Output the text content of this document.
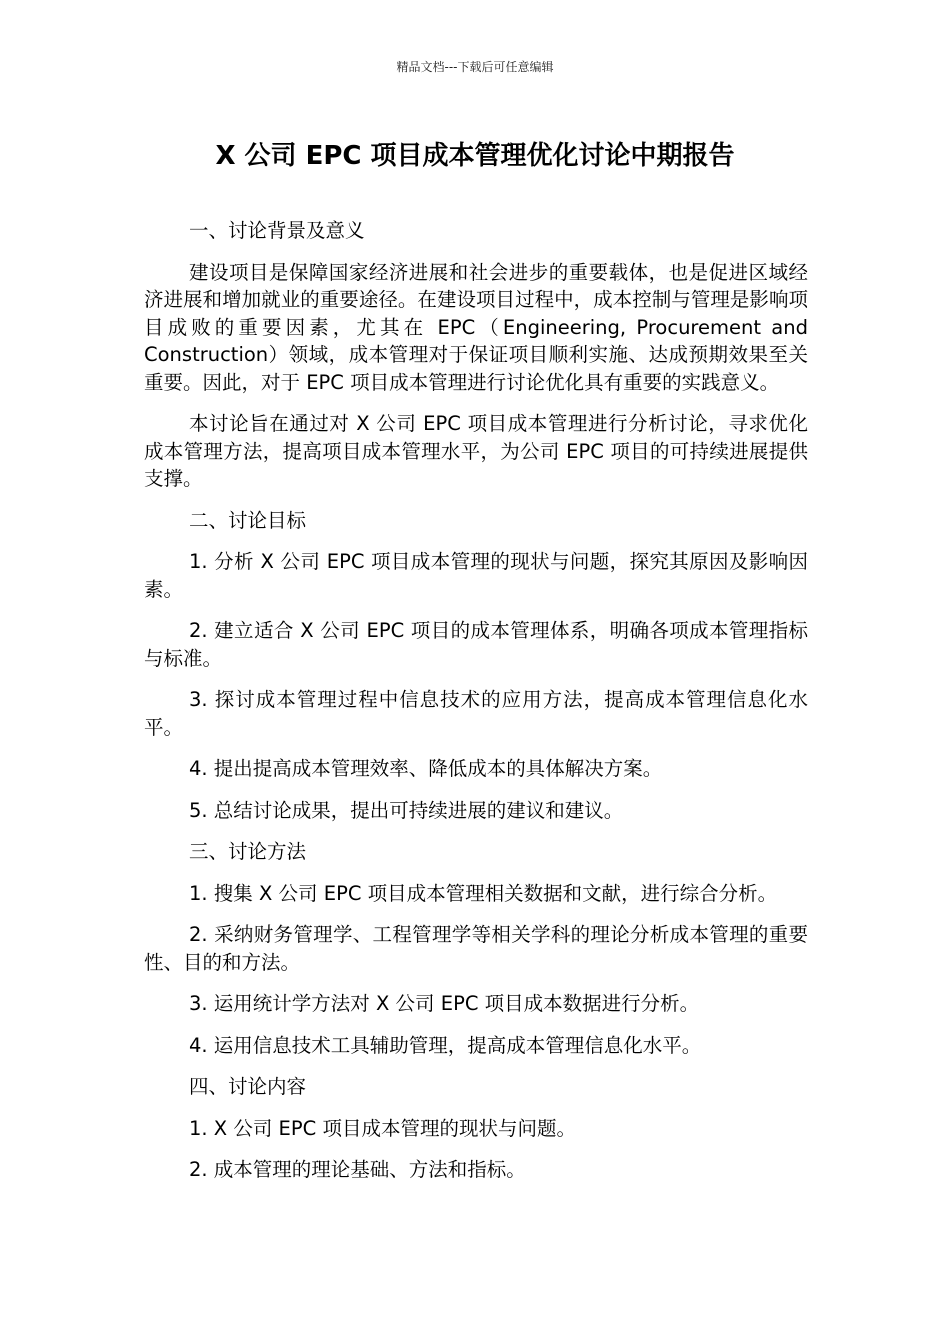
精品文档---下载后可任意编辑
X 公司 EPC 项目成本管理优化讨论中期报告

一、讨论背景及意义

建设项目是保障国家经济进展和社会进步的重要载体，也是促进区域经济进展和增加就业的重要途径。在建设项目过程中，成本控制与管理是影响项目成败的重要因素，尤其在 EPC（Engineering, Procurement and Construction）领域，成本管理对于保证项目顺利实施、达成预期效果至关重要。因此，对于 EPC 项目成本管理进行讨论优化具有重要的实践意义。

本讨论旨在通过对 X 公司 EPC 项目成本管理进行分析讨论，寻求优化成本管理方法，提高项目成本管理水平，为公司 EPC 项目的可持续进展提供支撑。

二、讨论目标

1. 分析 X 公司 EPC 项目成本管理的现状与问题，探究其原因及影响因素。

2. 建立适合 X 公司 EPC 项目的成本管理体系，明确各项成本管理指标与标准。

3. 探讨成本管理过程中信息技术的应用方法，提高成本管理信息化水平。

4. 提出提高成本管理效率、降低成本的具体解决方案。

5. 总结讨论成果，提出可持续进展的建议和建议。

三、讨论方法

1. 搜集 X 公司 EPC 项目成本管理相关数据和文献，进行综合分析。

2. 采纳财务管理学、工程管理学等相关学科的理论分析成本管理的重要性、目的和方法。

3. 运用统计学方法对 X 公司 EPC 项目成本数据进行分析。

4. 运用信息技术工具辅助管理，提高成本管理信息化水平。

四、讨论内容

1. X 公司 EPC 项目成本管理的现状与问题。

2. 成本管理的理论基础、方法和指标。
